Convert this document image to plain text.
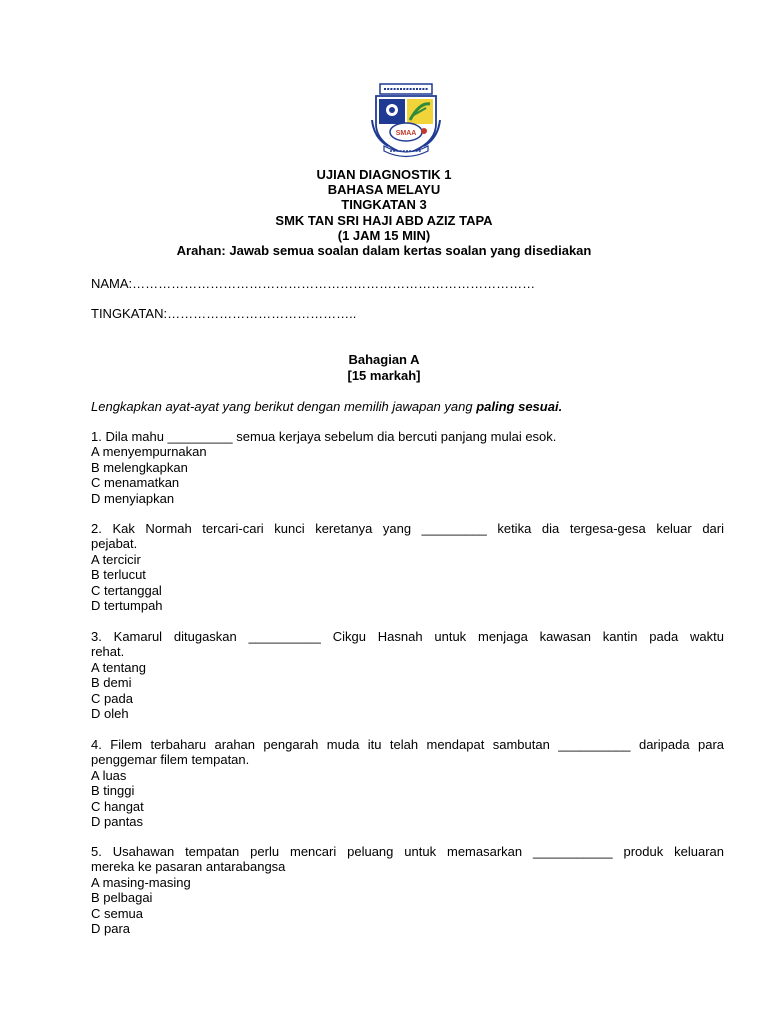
SMAA
UJIAN DIAGNOSTIK 1
BAHASA MELAYU
TINGKATAN 3
SMK TAN SRI HAJI ABD AZIZ TAPA
(1 JAM 15 MIN)
Arahan: Jawab semua soalan dalam kertas soalan yang disediakan
NAMA:…………………………………………………………………………………
TINGKATAN:……………………………………..
Bahagian A
[15 markah]
Lengkapkan ayat-ayat yang berikut dengan memilih jawapan yang paling sesuai.
1. Dila mahu _________ semua kerjaya sebelum dia bercuti panjang mulai esok.
A menyempurnakan
B melengkapkan
C menamatkan
D menyiapkan
2. Kak Normah tercari-cari kunci keretanya yang _________ ketika dia tergesa-gesa keluar dari
pejabat.
A tercicir
B terlucut
C tertanggal
D tertumpah
3. Kamarul ditugaskan __________ Cikgu Hasnah untuk menjaga kawasan kantin pada waktu
rehat.
A tentang
B demi
C pada
D oleh
4. Filem terbaharu arahan pengarah muda itu telah mendapat sambutan __________ daripada para
penggemar filem tempatan.
A luas
B tinggi
C hangat
D pantas
5. Usahawan tempatan perlu mencari peluang untuk memasarkan ___________ produk keluaran
mereka ke pasaran antarabangsa
A masing-masing
B pelbagai
C semua
D para
